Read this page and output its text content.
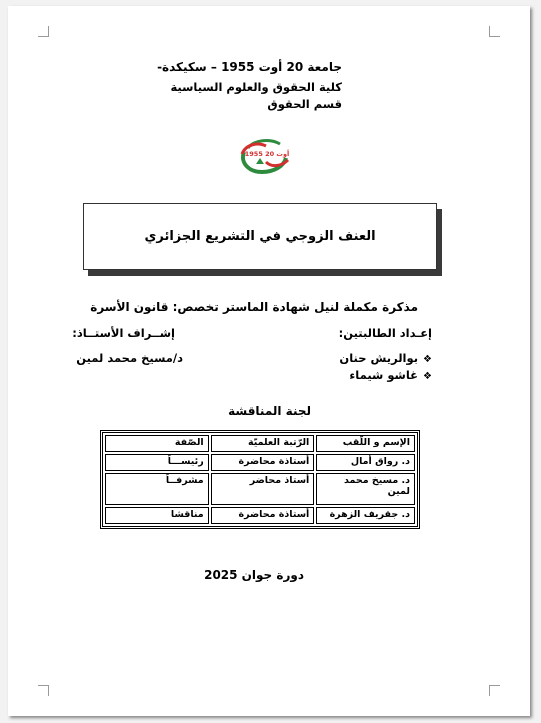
جامعة 20 أوت 1955 – سكيكدة-
كلية الحقوق والعلوم السياسية
قسم الحقوق
1955 أوت 20
العنف الزوجي في التشريع الجزائري
مذكرة مكملة لنيل شهادة الماستر تخصص: قانون الأسرة
إعـداد الطالبتين:
إشــراف الأستــاذ:
❖بوالريش حنان
❖غاشو شيماء
د/مسيخ محمد لمين
لجنة المناقشة
الإسم و اللّقب	الرّتبة العلميّة	الصّفة
د. رواق أمال	أستاذة محاضرة	رئيســـاً
د. مسيخ محمد لمين	أستاذ محاضر	مشرفــاً
د. جقريف الزهرة	أستاذة محاضرة	مناقشا
دورة جوان 2025
